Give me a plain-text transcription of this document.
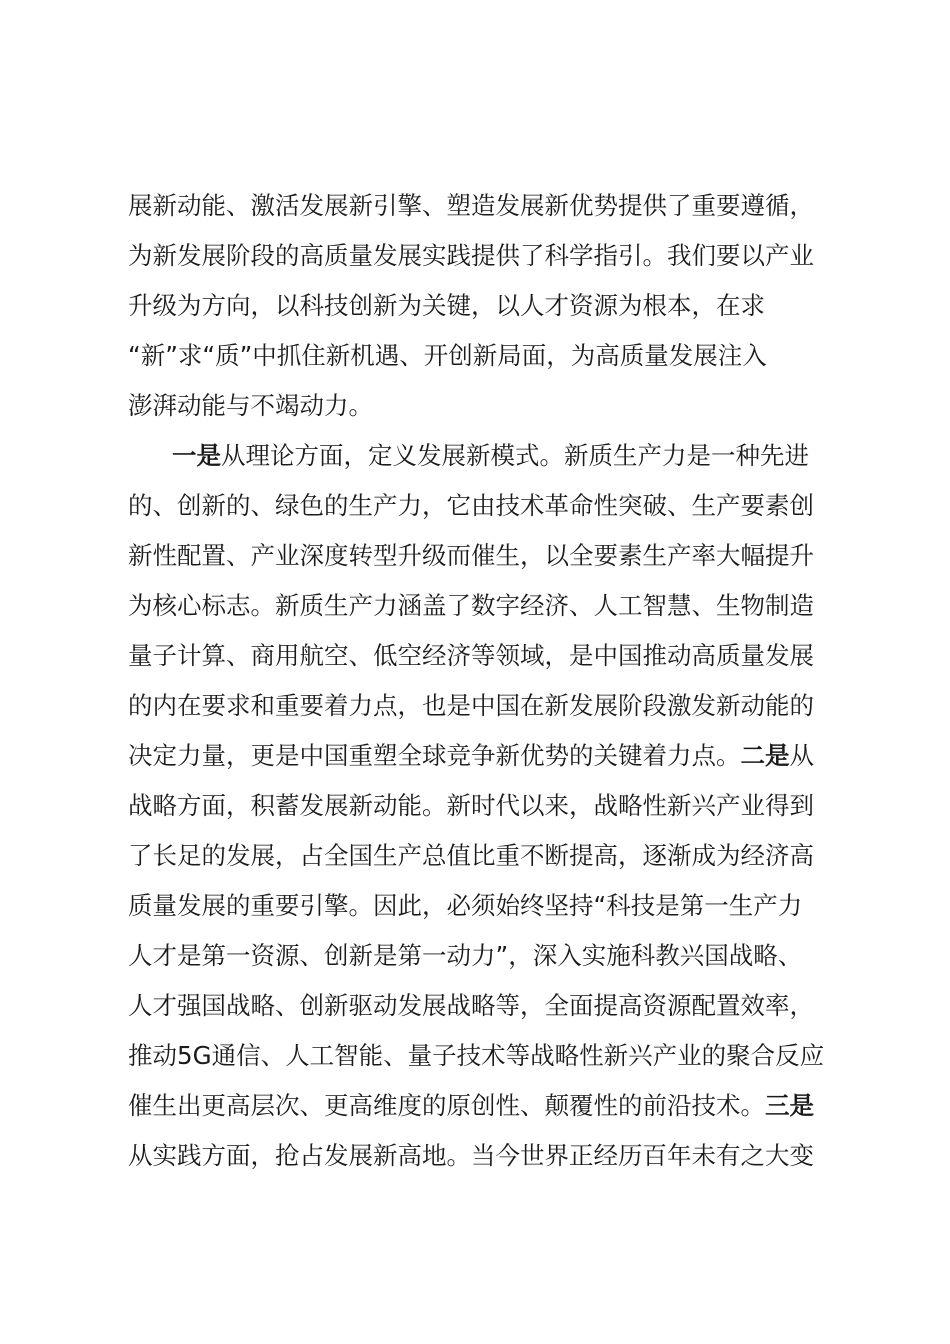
展新动能、激活发展新引擎、塑造发展新优势提供了重要遵循，
为新发展阶段的高质量发展实践提供了科学指引。我们要以产业
升级为方向，以科技创新为关键，以人才资源为根本，在求
“新”求“质”中抓住新机遇、开创新局面，为高质量发展注入
澎湃动能与不竭动力。
一是从理论方面，定义发展新模式。新质生产力是一种先进
的、创新的、绿色的生产力，它由技术革命性突破、生产要素创
新性配置、产业深度转型升级而催生，以全要素生产率大幅提升
为核心标志。新质生产力涵盖了数字经济、人工智慧、生物制造
量子计算、商用航空、低空经济等领域，是中国推动高质量发展
的内在要求和重要着力点，也是中国在新发展阶段激发新动能的
决定力量，更是中国重塑全球竞争新优势的关键着力点。二是从
战略方面，积蓄发展新动能。新时代以来，战略性新兴产业得到
了长足的发展，占全国生产总值比重不断提高，逐渐成为经济高
质量发展的重要引擎。因此，必须始终坚持“科技是第一生产力
人才是第一资源、创新是第一动力”，深入实施科教兴国战略、
人才强国战略、创新驱动发展战略等，全面提高资源配置效率，
推动5G通信、人工智能、量子技术等战略性新兴产业的聚合反应
催生出更高层次、更高维度的原创性、颠覆性的前沿技术。三是
从实践方面，抢占发展新高地。当今世界正经历百年未有之大变
